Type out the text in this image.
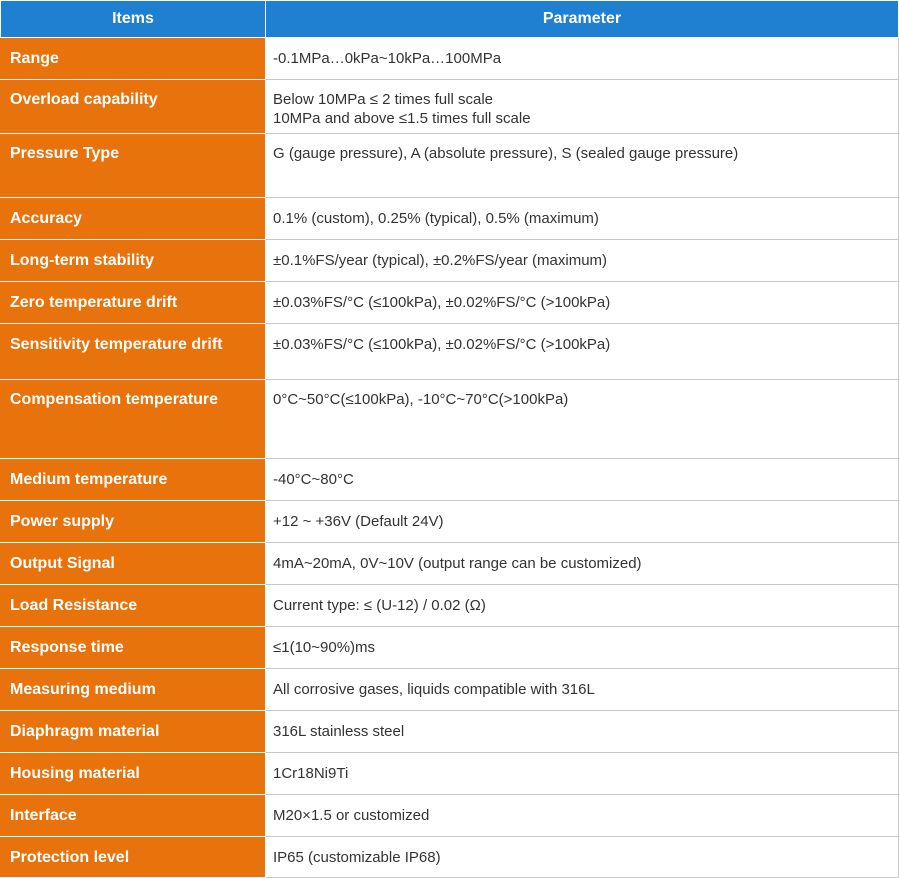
Items	Parameter

Range	-0.1MPa…0kPa~10kPa…100MPa

Overload capability	Below 10MPa ≤ 2 times full scale
10MPa and above ≤1.5 times full scale

Pressure Type	G (gauge pressure), A (absolute pressure), S (sealed gauge pressure)

Accuracy	0.1% (custom), 0.25% (typical), 0.5% (maximum)

Long-term stability	±0.1%FS/year (typical), ±0.2%FS/year (maximum)

Zero temperature drift	±0.03%FS/°C (≤100kPa), ±0.02%FS/°C (>100kPa)

Sensitivity temperature drift	±0.03%FS/°C (≤100kPa), ±0.02%FS/°C (>100kPa)

Compensation temperature	0°C~50°C(≤100kPa), -10°C~70°C(>100kPa)

Medium temperature	-40°C~80°C

Power supply	+12 ~ +36V (Default 24V)

Output Signal	4mA~20mA, 0V~10V (output range can be customized)

Load Resistance	Current type: ≤ (U-12) / 0.02 (Ω)

Response time	≤1(10~90%)ms

Measuring medium	All corrosive gases, liquids compatible with 316L

Diaphragm material	316L stainless steel

Housing material	1Cr18Ni9Ti

Interface	M20×1.5 or customized

Protection level	IP65 (customizable IP68)
